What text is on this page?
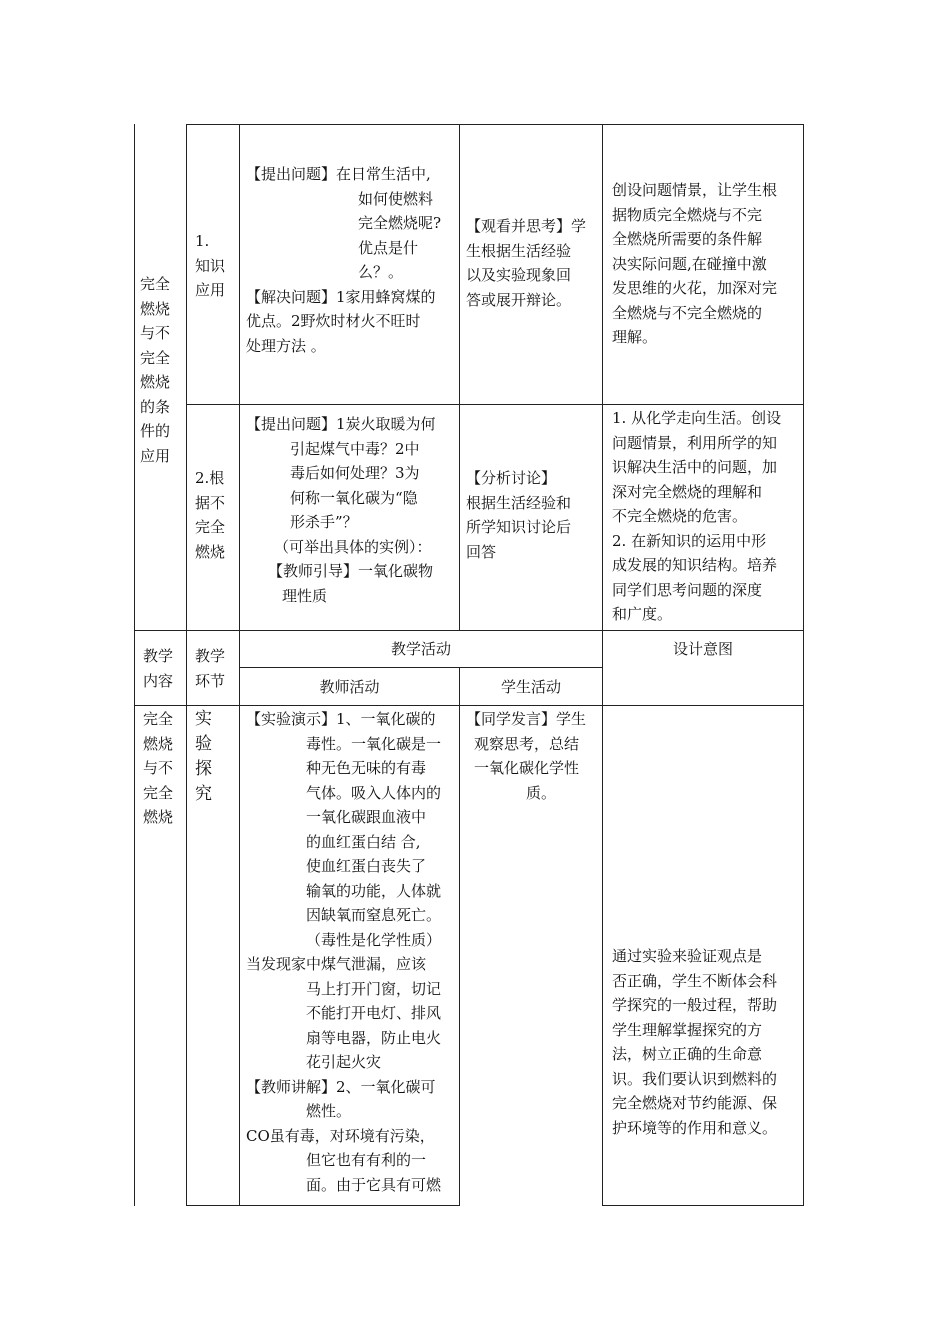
完全燃烧与不完全燃烧的条件的应用
1.
知识
应用
【提出问题】在日常生活中,
如何使燃料
完全燃烧呢?
优点是什
么？。
【解决问题】1家用蜂窝煤的
优点。2野炊时材火不旺时
处理方法 。
【观看并思考】学
生根据生活经验
以及实验现象回
答或展开辩论。
创设问题情景，让学生根
据物质完全燃烧与不完
全燃烧所需要的条件解
决实际问题,在碰撞中激
发思维的火花，加深对完
全燃烧与不完全燃烧的
理解。
2.根
据不
完全
燃烧
【提出问题】1炭火取暖为何
引起煤气中毒？2中
毒后如何处理？3为
何称一氧化碳为“隐
形杀手”？
（可举出具体的实例）：
【教师引导】一氧化碳物
理性质
【分析讨论】
根据生活经验和
所学知识讨论后
回答
1. 从化学走向生活。创设
问题情景，利用所学的知
识解决生活中的问题，加
深对完全燃烧的理解和
不完全燃烧的危害。
2. 在新知识的运用中形
成发展的知识结构。培养
同学们思考问题的深度
和广度。
教学
内容
教学
环节
教学活动
教师活动	学生活动
设计意图
完全
燃烧
与不
完全
燃烧
实
验
探
究
【实验演示】1、一氧化碳的
毒性。一氧化碳是一
种无色无味的有毒
气体。吸入人体内的
一氧化碳跟血液中
的血红蛋白结 合,
使血红蛋白丧失了
输氧的功能，人体就
因缺氧而窒息死亡。
（毒性是化学性质）
当发现家中煤气泄漏，应该
马上打开门窗，切记
不能打开电灯、排风
扇等电器，防止电火
花引起火灾
【教师讲解】2、一氧化碳可
燃性。
CO虽有毒，对环境有污染，
但它也有有利的一
面。由于它具有可燃
【同学发言】学生
观察思考，总结
一氧化碳化学性
质。
通过实验来验证观点是
否正确，学生不断体会科
学探究的一般过程，帮助
学生理解掌握探究的方
法，树立正确的生命意
识。我们要认识到燃料的
完全燃烧对节约能源、保
护环境等的作用和意义。
